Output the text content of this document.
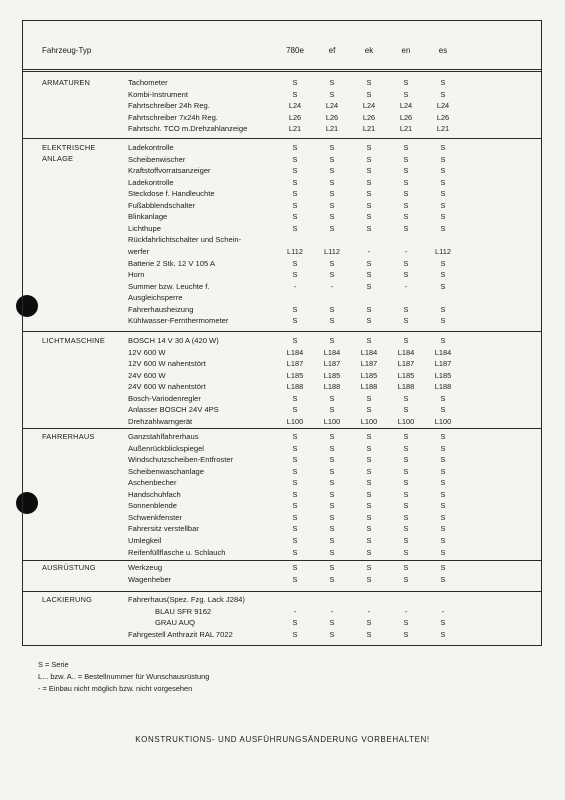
Fahrzeug-Typ	780e	ef	ek	en	es
ARMATUREN	Tachometer	S	S	S	S	S
Kombi-Instrument	S	S	S	S	S
Fahrtschreiber 24h Reg.	L24	L24	L24	L24	L24
Fahrtschreiber 7x24h Reg.	L26	L26	L26	L26	L26
Fahrtschr. TCO m.Drehzahlanzeige	L21	L21	L21	L21	L21
ELEKTRISCHE
ANLAGE
Ladekontrolle	S	S	S	S	S
Scheibenwischer	S	S	S	S	S
Kraftstoffvorratsanzeiger	S	S	S	S	S
Ladekontrolle	S	S	S	S	S
Steckdose f. Handleuchte	S	S	S	S	S
Fußabblendschalter	S	S	S	S	S
Blinkanlage	S	S	S	S	S
Lichthupe	S	S	S	S	S
Rückfahrlichtschalter und Schein-
werfer	L112	L112	-	-	L112
Batterie 2 Stk. 12 V 105 A	S	S	S	S	S
Horn	S	S	S	S	S
Summer bzw. Leuchte f.	-	-	S	-	S
Ausgleichsperre
Fahrerhausheizung	S	S	S	S	S
Kühlwasser-Fernthermometer	S	S	S	S	S
LICHTMASCHINE	BOSCH 14 V 30 A (420 W)	S	S	S	S	S
12V 600 W	L184	L184	L184	L184	L184
12V 600 W nahentstört	L187	L187	L187	L187	L187
24V 600 W	L185	L185	L185	L185	L185
24V 600 W nahentstört	L188	L188	L188	L188	L188
Bosch-Variodenregler	S	S	S	S	S
Anlasser BOSCH 24V 4PS	S	S	S	S	S
Drehzahlwarngerät	L100	L100	L100	L100	L100
FAHRERHAUS	Ganzstahlfahrerhaus	S	S	S	S	S
Außenrückblickspiegel	S	S	S	S	S
Windschutzscheiben-Entfroster	S	S	S	S	S
Scheibenwaschanlage	S	S	S	S	S
Aschenbecher	S	S	S	S	S
Handschuhfach	S	S	S	S	S
Sonnenblende	S	S	S	S	S
Schwenkfenster	S	S	S	S	S
Fahrersitz verstellbar	S	S	S	S	S
Umlegkeil	S	S	S	S	S
Reifenfüllflasche u. Schlauch	S	S	S	S	S
AUSRÜSTUNG	Werkzeug	S	S	S	S	S
Wagenheber	S	S	S	S	S
LACKIERUNG	Fahrerhaus(Spez. Fzg. Lack J284)
BLAU SFR 9162	-	-	-	-	-
GRAU AUQ	S	S	S	S	S
Fahrgestell Anthrazit RAL 7022	S	S	S	S	S
S = Serie
L... bzw. A.. = Bestellnummer für Wunschausrüstung
- = Einbau nicht möglich bzw. nicht vorgesehen
KONSTRUKTIONS- UND AUSFÜHRUNGSÄNDERUNG VORBEHALTEN!
